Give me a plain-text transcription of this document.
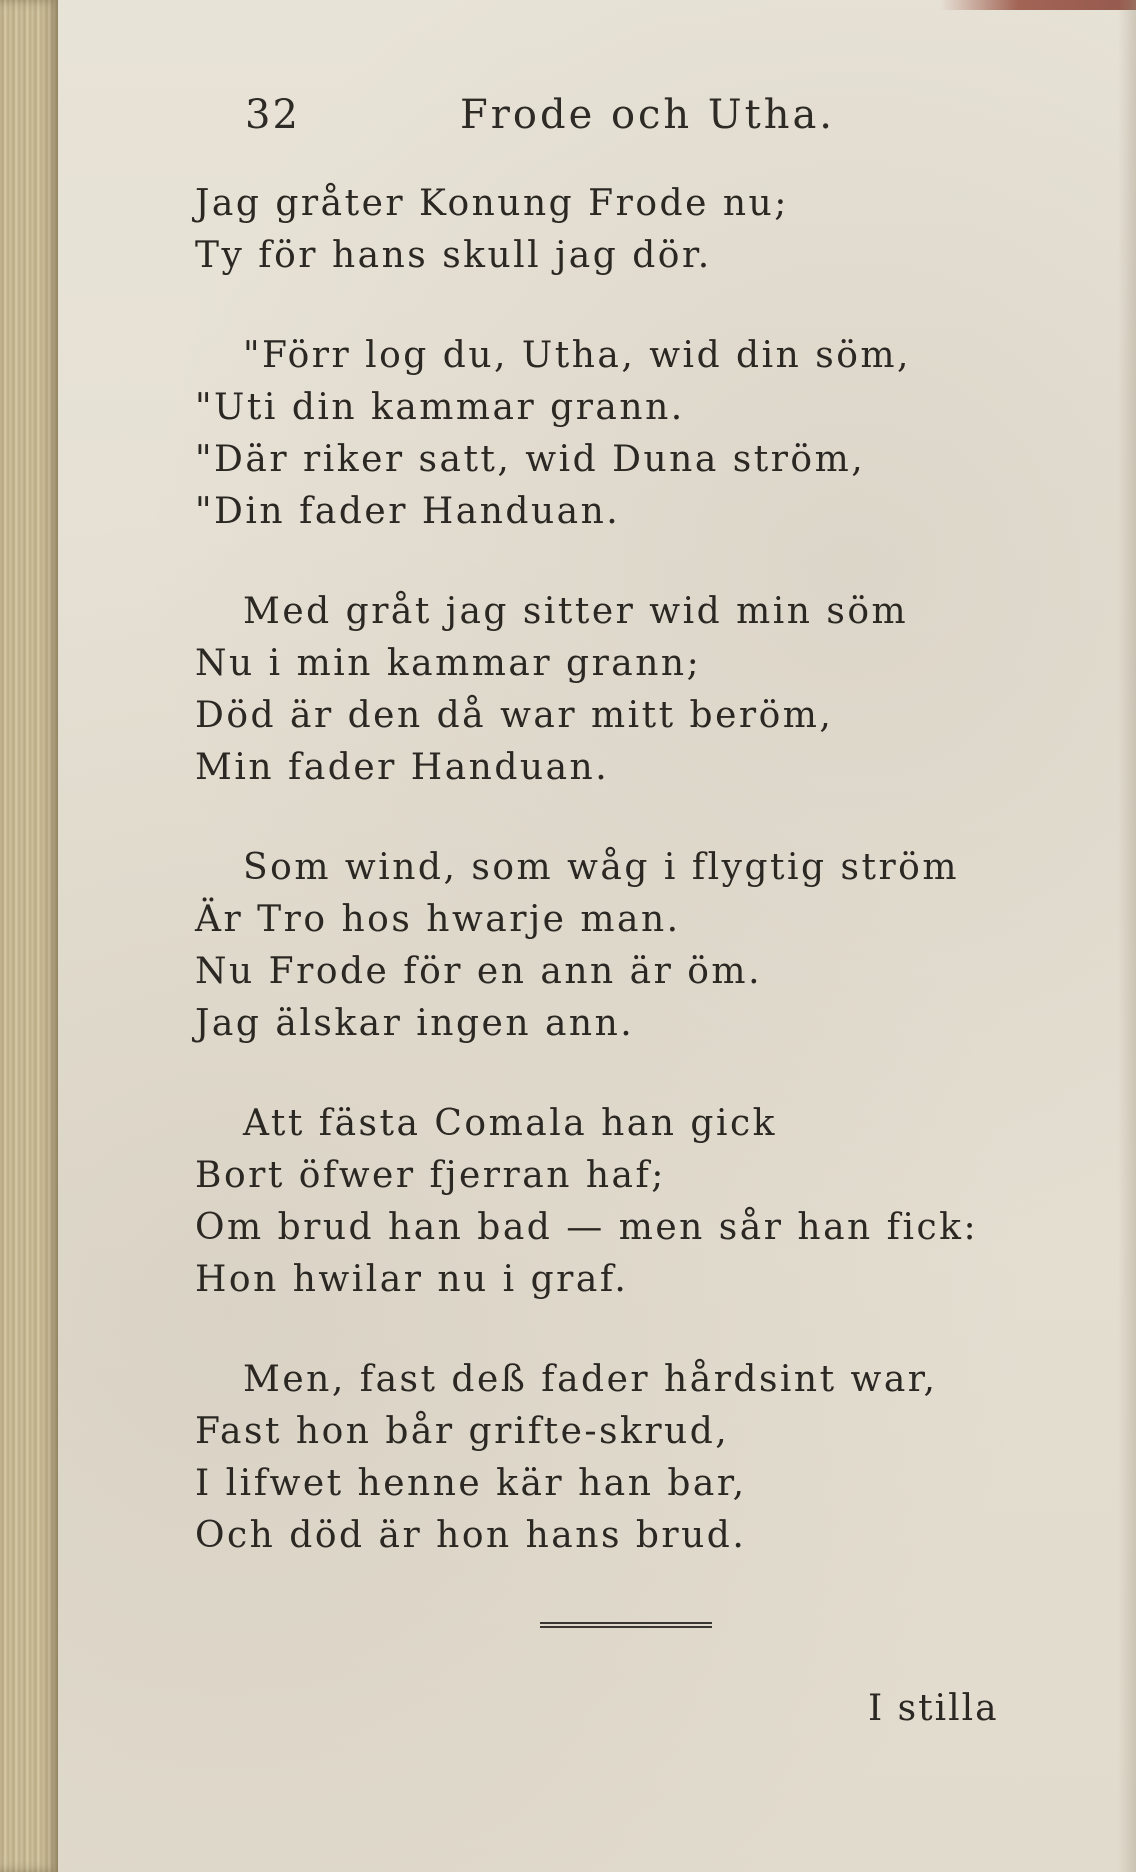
32	Frode och Utha.
Jag gråter Konung Frode nu;
Ty för hans skull jag dör.
"Förr log du, Utha, wid din söm,
"Uti din kammar grann.
"Där riker satt, wid Duna ström,
"Din fader Handuan.
Med gråt jag sitter wid min söm
Nu i min kammar grann;
Död är den då war mitt beröm,
Min fader Handuan.
Som wind, som wåg i flygtig ström
Är Tro hos hwarje man.
Nu Frode för en ann är öm.
Jag älskar ingen ann.
Att fästa Comala han gick
Bort öfwer fjerran haf;
Om brud han bad — men sår han fick:
Hon hwilar nu i graf.
Men, fast deß fader hårdsint war,
Fast hon bår grifte-skrud,
I lifwet henne kär han bar,
Och död är hon hans brud.
I stilla
